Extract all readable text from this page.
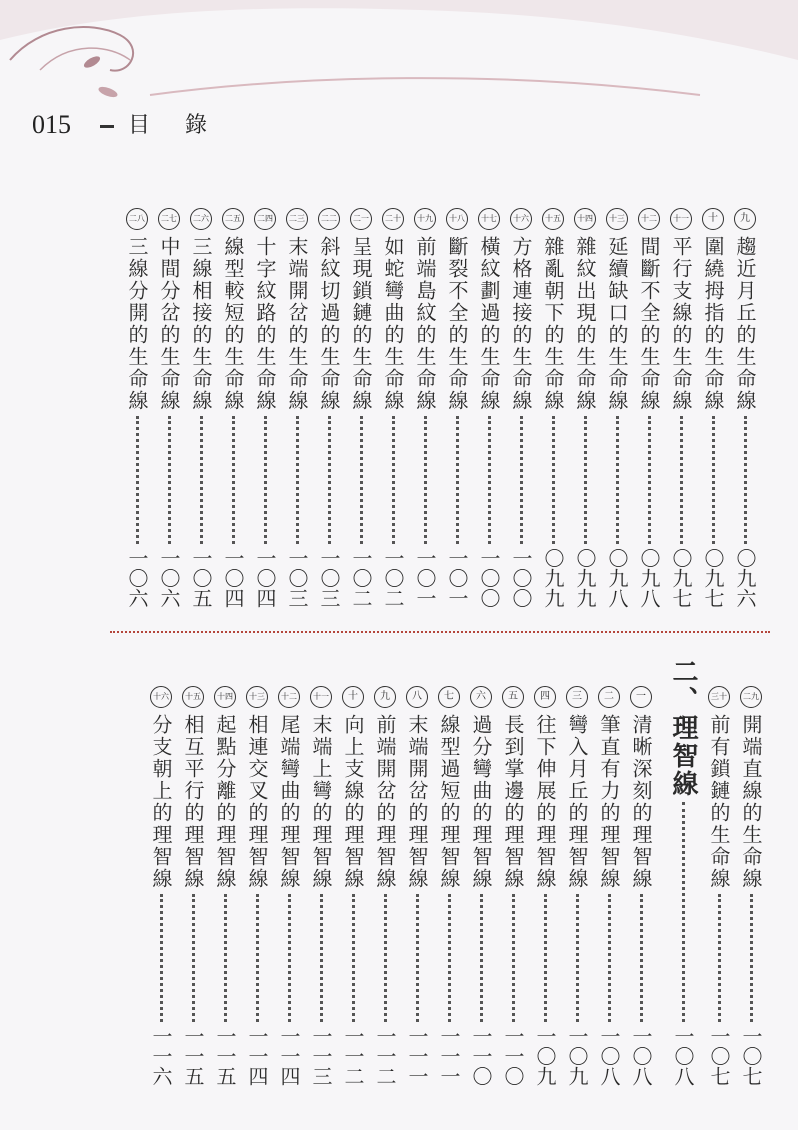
015	目 錄
九
趨近月丘的生命線
〇九六
十
圍繞拇指的生命線
〇九七
十一
平行支線的生命線
〇九七
十二
間斷不全的生命線
〇九八
十三
延續缺口的生命線
〇九八
十四
雜紋出現的生命線
〇九九
十五
雜亂朝下的生命線
〇九九
十六
方格連接的生命線
一〇〇
十七
橫紋劃過的生命線
一〇〇
十八
斷裂不全的生命線
一〇一
十九
前端島紋的生命線
一〇一
二十
如蛇彎曲的生命線
一〇二
二一
呈現鎖鏈的生命線
一〇二
二二
斜紋切過的生命線
一〇三
二三
末端開岔的生命線
一〇三
二四
十字紋路的生命線
一〇四
二五
線型較短的生命線
一〇四
二六
三線相接的生命線
一〇五
二七
中間分岔的生命線
一〇六
二八
三線分開的生命線
一〇六
二九
開端直線的生命線
一〇七
三十
前有鎖鏈的生命線
一〇七
二、理智線
一〇八
一
清晰深刻的理智線
一〇八
二
筆直有力的理智線
一〇八
三
彎入月丘的理智線
一〇九
四
往下伸展的理智線
一〇九
五
長到掌邊的理智線
一一〇
六
過分彎曲的理智線
一一〇
七
線型過短的理智線
一一一
八
末端開岔的理智線
一一一
九
前端開岔的理智線
一一二
十
向上支線的理智線
一一二
十一
末端上彎的理智線
一一三
十二
尾端彎曲的理智線
一一四
十三
相連交叉的理智線
一一四
十四
起點分離的理智線
一一五
十五
相互平行的理智線
一一五
十六
分支朝上的理智線
一一六
